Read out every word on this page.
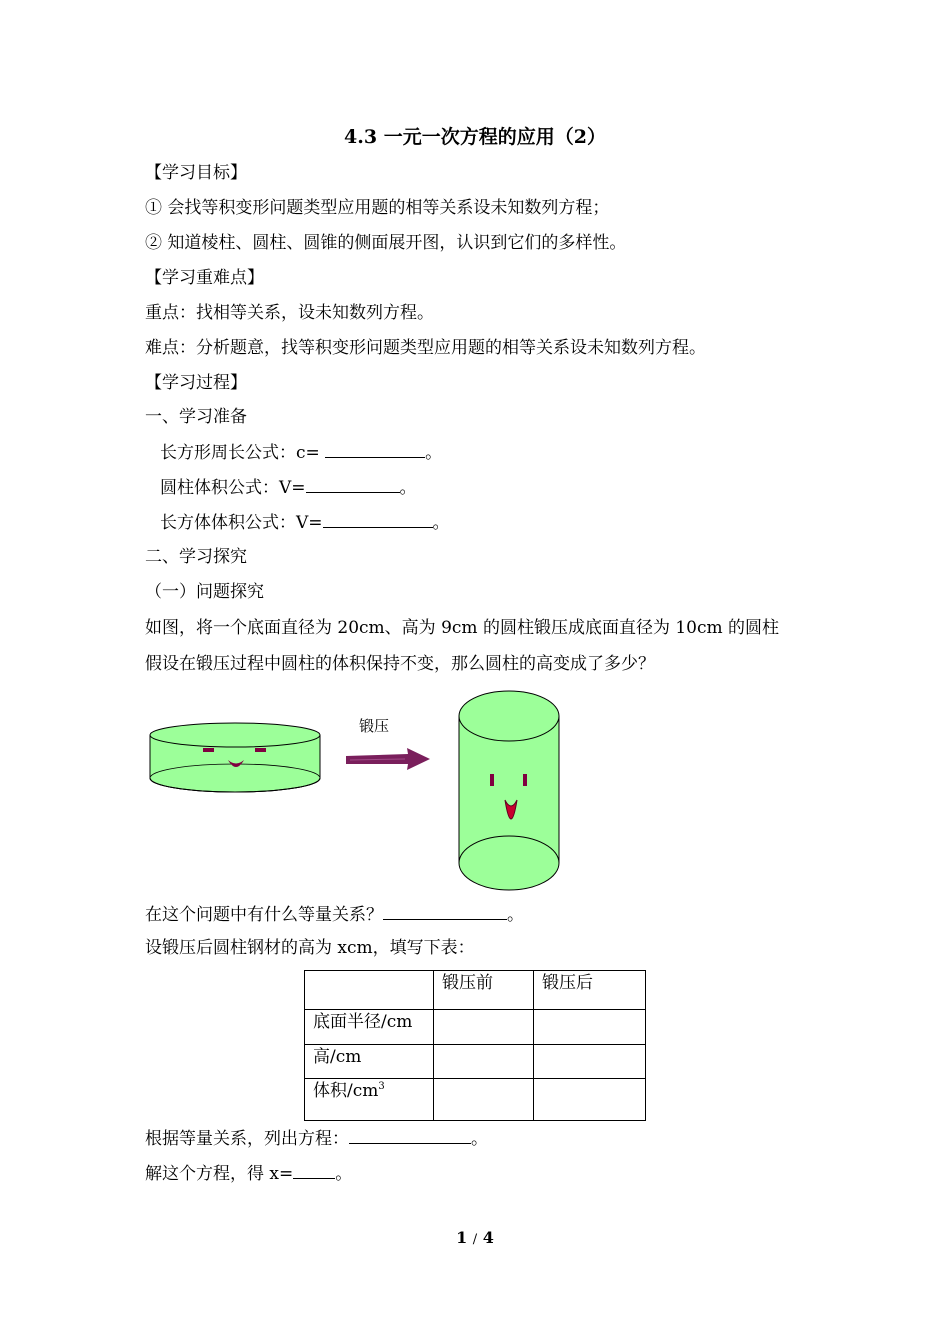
4.3 一元一次方程的应用（2）
【学习目标】
① 会找等积变形问题类型应用题的相等关系设未知数列方程；
② 知道棱柱、圆柱、圆锥的侧面展开图，认识到它们的多样性。
【学习重难点】
重点：找相等关系，设未知数列方程。
难点：分析题意，找等积变形问题类型应用题的相等关系设未知数列方程。
【学习过程】
一、学习准备
长方形周长公式：c=	。
圆柱体积公式：V=	。
长方体体积公式：V=	。
二、学习探究
（一）问题探究
如图，将一个底面直径为 20cm、高为 9cm 的圆柱锻压成底面直径为 10cm 的圆柱
假设在锻压过程中圆柱的体积保持不变，那么圆柱的高变成了多少？
锻压
在这个问题中有什么等量关系？	。
设锻压后圆柱钢材的高为 xcm，填写下表：
	锻压前	锻压后
底面半径/cm		
高/cm		
体积$/cm^3$		
根据等量关系，列出方程：	。
解这个方程，得 x= 。
1 / 4
